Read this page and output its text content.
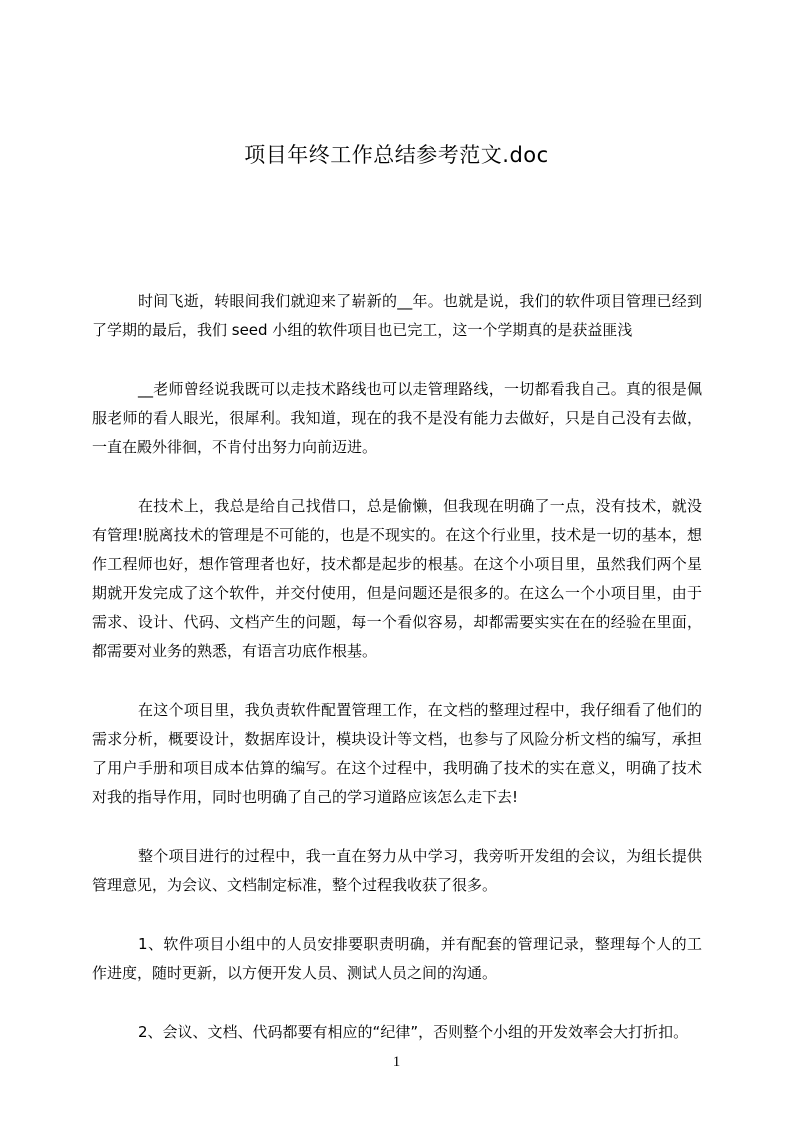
项目年终工作总结参考范文.doc

时间飞逝，转眼间我们就迎来了崭新的__年。也就是说，我们的软件项目管理已经到了学期的最后，我们 seed 小组的软件项目也已完工，这一个学期真的是获益匪浅

__老师曾经说我既可以走技术路线也可以走管理路线，一切都看我自己。真的很是佩服老师的看人眼光，很犀利。我知道，现在的我不是没有能力去做好，只是自己没有去做，一直在殿外徘徊，不肯付出努力向前迈进。

在技术上，我总是给自己找借口，总是偷懒，但我现在明确了一点，没有技术，就没有管理!脱离技术的管理是不可能的，也是不现实的。在这个行业里，技术是一切的基本，想作工程师也好，想作管理者也好，技术都是起步的根基。在这个小项目里，虽然我们两个星期就开发完成了这个软件，并交付使用，但是问题还是很多的。在这么一个小项目里，由于需求、设计、代码、文档产生的问题，每一个看似容易，却都需要实实在在的经验在里面，都需要对业务的熟悉，有语言功底作根基。

在这个项目里，我负责软件配置管理工作，在文档的整理过程中，我仔细看了他们的需求分析，概要设计，数据库设计，模块设计等文档，也参与了风险分析文档的编写，承担了用户手册和项目成本估算的编写。在这个过程中，我明确了技术的实在意义，明确了技术对我的指导作用，同时也明确了自己的学习道路应该怎么走下去!

整个项目进行的过程中，我一直在努力从中学习，我旁听开发组的会议，为组长提供管理意见，为会议、文档制定标准，整个过程我收获了很多。

1、软件项目小组中的人员安排要职责明确，并有配套的管理记录，整理每个人的工作进度，随时更新，以方便开发人员、测试人员之间的沟通。

2、会议、文档、代码都要有相应的“纪律”，否则整个小组的开发效率会大打折扣。

1
